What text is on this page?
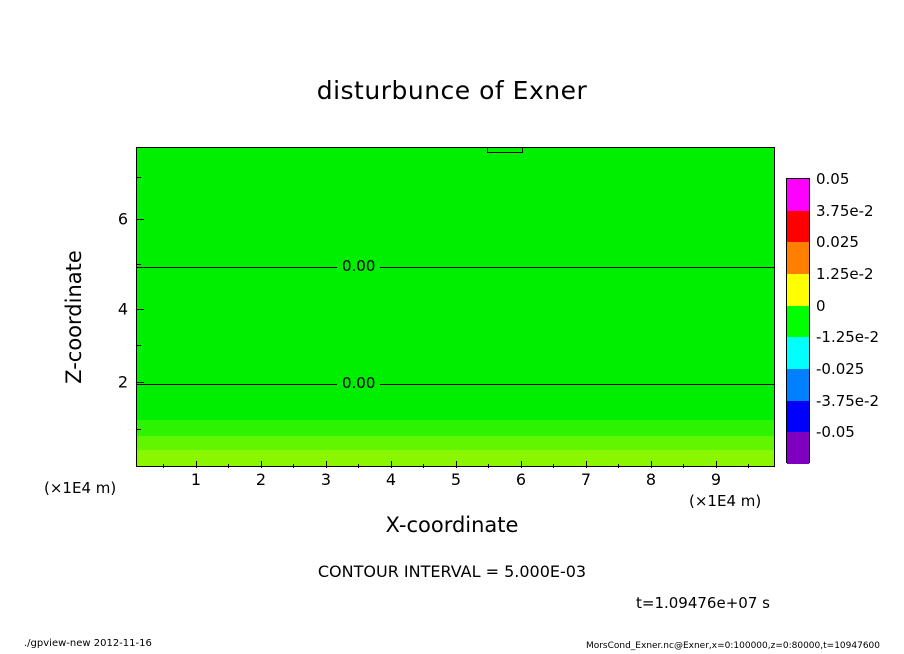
disturbunce of Exner
0.00
0.00
1	2	3	4	5	6	7	8	9
2
4
6
X-coordinate
Z-coordinate
(×1E4 m)
(×1E4 m)
CONTOUR INTERVAL = 5.000E-03
t=1.09476e+07 s
./gpview-new 2012-11-16	MorsCond_Exner.nc@Exner,x=0:100000,z=0:80000,t=10947600
0.05
3.75e-2
0.025
1.25e-2
0
-1.25e-2
-0.025
-3.75e-2
-0.05
